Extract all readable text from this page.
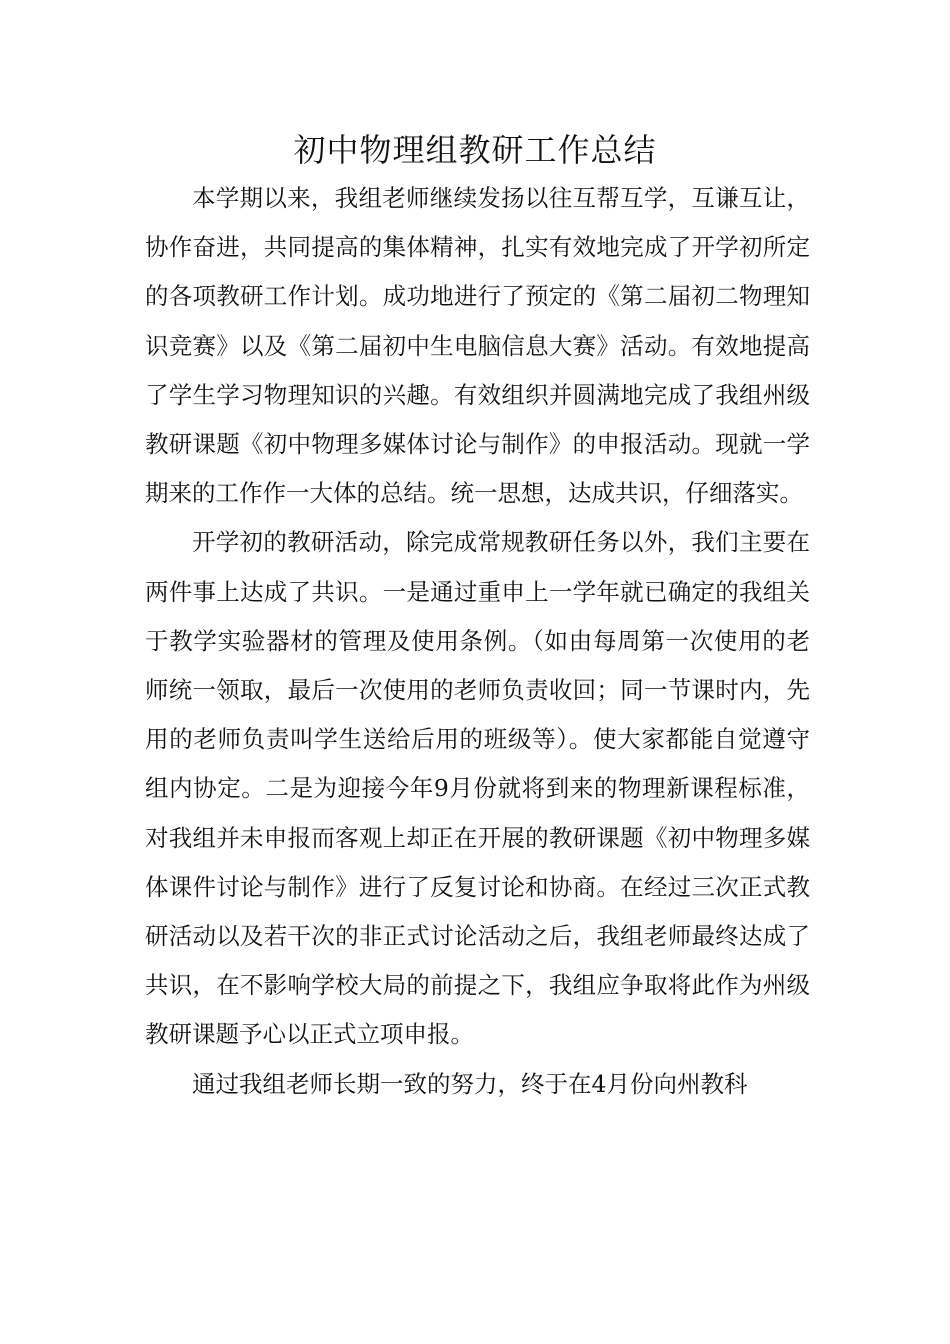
初中物理组教研工作总结

本学期以来，我组老师继续发扬以往互帮互学，互谦互让，协作奋进，共同提高的集体精神，扎实有效地完成了开学初所定的各项教研工作计划。成功地进行了预定的《第二届初二物理知识竞赛》以及《第二届初中生电脑信息大赛》活动。有效地提高了学生学习物理知识的兴趣。有效组织并圆满地完成了我组州级教研课题《初中物理多媒体讨论与制作》的申报活动。现就一学期来的工作作一大体的总结。统一思想，达成共识，仔细落实。

开学初的教研活动，除完成常规教研任务以外，我们主要在两件事上达成了共识。一是通过重申上一学年就已确定的我组关于教学实验器材的管理及使用条例。（如由每周第一次使用的老师统一领取，最后一次使用的老师负责收回；同一节课时内，先用的老师负责叫学生送给后用的班级等）。使大家都能自觉遵守组内协定。二是为迎接今年9月份就将到来的物理新课程标准，对我组并未申报而客观上却正在开展的教研课题《初中物理多媒体课件讨论与制作》进行了反复讨论和协商。在经过三次正式教研活动以及若干次的非正式讨论活动之后，我组老师最终达成了共识，在不影响学校大局的前提之下，我组应争取将此作为州级教研课题予心以正式立项申报。

通过我组老师长期一致的努力，终于在4月份向州教科
